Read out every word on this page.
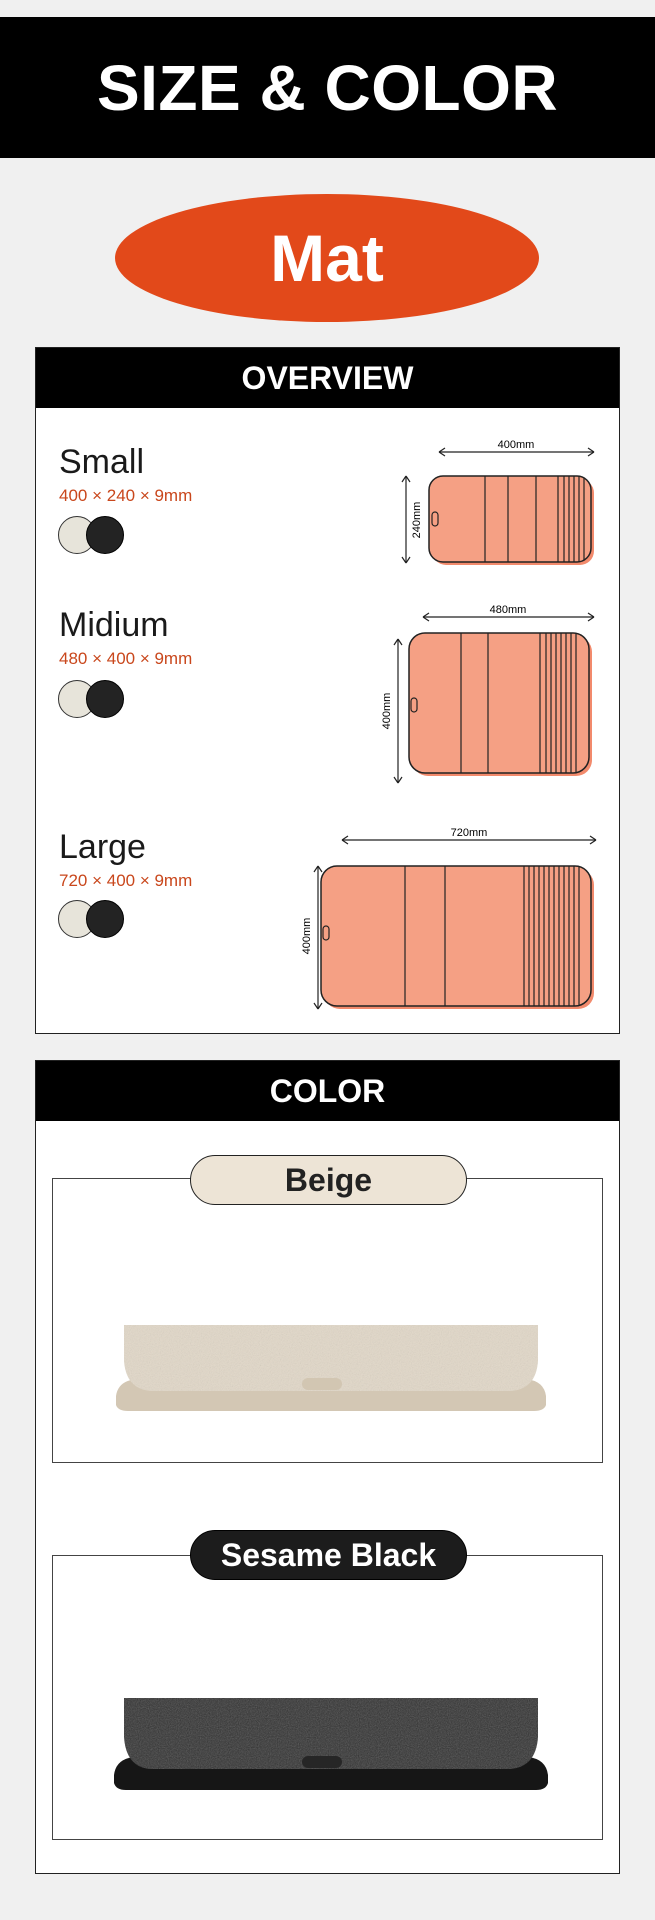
SIZE & COLOR
Mat
OVERVIEW
Small
400 × 240 × 9mm
400mm
240mm
Midium
480 × 400 × 9mm
480mm
400mm
Large
720 × 400 × 9mm
720mm
400mm
COLOR
Beige
Sesame Black
